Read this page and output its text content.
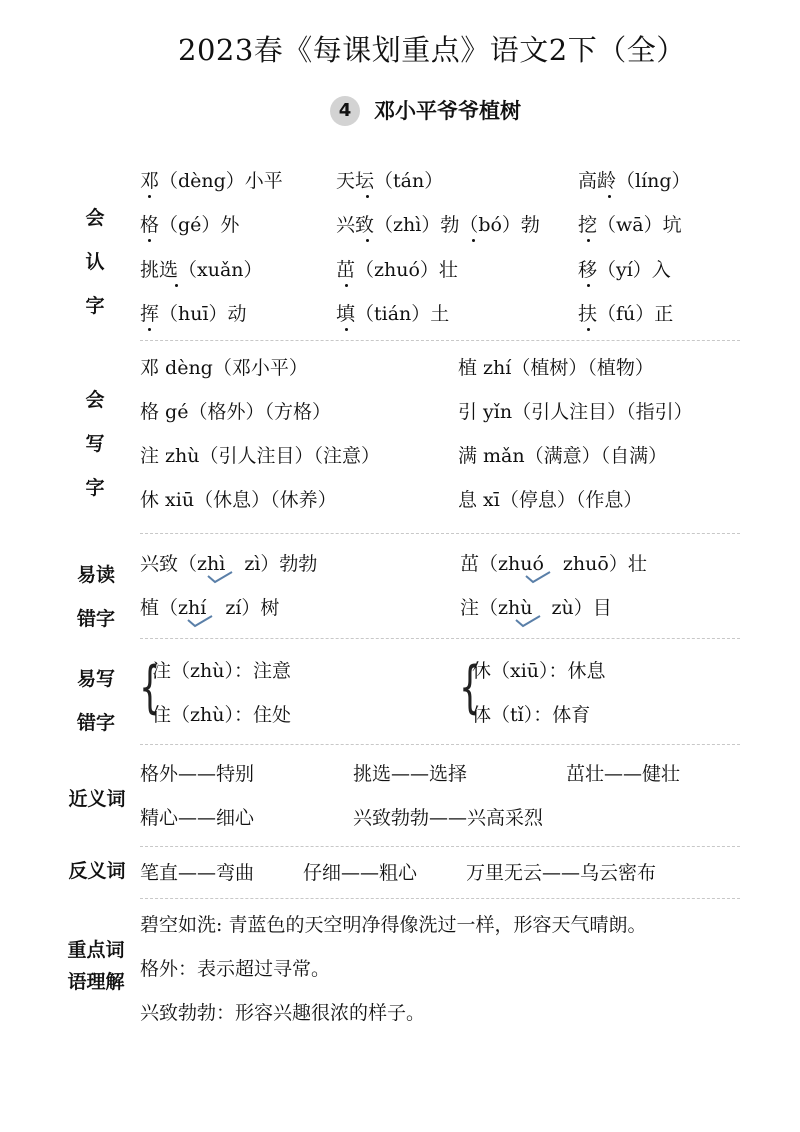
2023春《每课划重点》语文2下（全）
4	邓小平爷爷植树
会
认
字
邓（dèng）小平	天坛（tán）	高龄（líng）
格（gé）外	兴致（zhì）勃（bó）勃 挖（wā）坑
挑选（xuǎn）	茁（zhuó）壮	移（yí）入
挥（huī）动	填（tián）土	扶（fú）正
会
写
字
邓 dèng（邓小平）	植 zhí（植树）（植物）
格 gé（格外）（方格）	引 yǐn（引人注目）（指引）
注 zhù（引人注目）（注意）	满 mǎn（满意）（自满）
休 xiū（休息）（休养）	息 xī（停息）（作息）
易读
错字
兴致（zhì　zì）勃勃	茁（zhuó　zhuō）壮
植（zhí　zí）树	注（zhù　zù）目
易写
错字
{	{
注（zhù）：注意	休（xiū）：休息
住（zhù）：住处	体（tǐ）：体育
近义词
格外——特别	挑选——选择	茁壮——健壮
精心——细心	兴致勃勃——兴高采烈
反义词 笔直——弯曲	仔细——粗心	万里无云——乌云密布
重点词
语理解
碧空如洗: 青蓝色的天空明净得像洗过一样，形容天气晴朗。
格外：表示超过寻常。
兴致勃勃：形容兴趣很浓的样子。
